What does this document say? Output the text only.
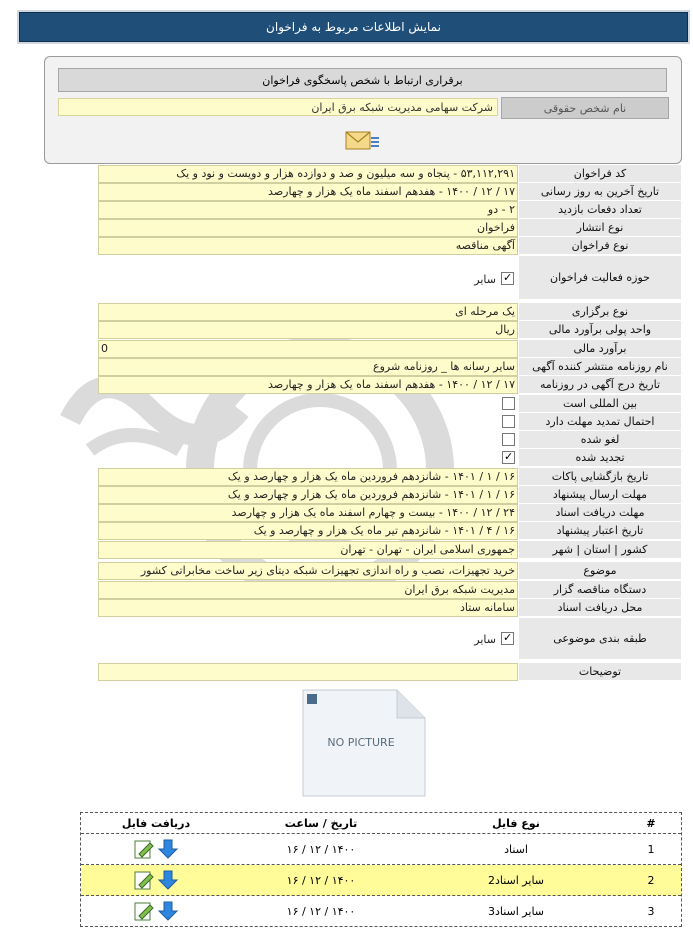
نمایش اطلاعات مربوط به فراخوان
برقراری ارتباط با شخص پاسخگوی فراخوان
نام شخص حقوقی
شرکت سهامی مدیریت شبکه برق ایران
کد فراخوان
۵۳,۱۱۲,۲۹۱ - پنجاه و سه میلیون و صد و دوازده هزار و دویست و نود و یک
تاریخ آخرین به روز رسانی
۱۷ / ۱۲ / ۱۴۰۰ - هفدهم اسفند ماه یک هزار و چهارصد
تعداد دفعات بازدید
۲ - دو
نوع انتشار
فراخوان
نوع فراخوان
آگهی مناقصه
حوزه فعالیت فراخوان
✓
سایر
نوع برگزاری
یک مرحله ای
واحد پولی برآورد مالی
ریال
برآورد مالی
0
نام روزنامه منتشر کننده آگهی
سایر رسانه ها _ روزنامه شروع
تاریخ درج آگهی در روزنامه
۱۷ / ۱۲ / ۱۴۰۰ - هفدهم اسفند ماه یک هزار و چهارصد
بین المللی است
احتمال تمدید مهلت دارد
لغو شده
تجدید شده
✓
تاریخ بازگشایی پاکات
۱۶ / ۱ / ۱۴۰۱ - شانزدهم فروردین ماه یک هزار و چهارصد و یک
مهلت ارسال پیشنهاد
۱۶ / ۱ / ۱۴۰۱ - شانزدهم فروردین ماه یک هزار و چهارصد و یک
مهلت دریافت اسناد
۲۴ / ۱۲ / ۱۴۰۰ - بیست و چهارم اسفند ماه یک هزار و چهارصد
تاریخ اعتبار پیشنهاد
۱۶ / ۴ / ۱۴۰۱ - شانزدهم تیر ماه یک هزار و چهارصد و یک
کشور | استان | شهر
جمهوری اسلامی ایران - تهران - تهران
موضوع
خرید تجهیزات، نصب و راه اندازی تجهیزات شبکه دیتای زیر ساخت مخابراتی کشور
دستگاه مناقصه گزار
مدیریت شبکه برق ایران
محل دریافت اسناد
سامانه ستاد
طبقه بندی موضوعی
✓
سایر
توضیحات
NO PICTURE
#
نوع فایل
تاریخ / ساعت
دریافت فایل
1
اسناد
۱۶ / ۱۲ / ۱۴۰۰
2
سایر اسناد2
۱۶ / ۱۲ / ۱۴۰۰
3
سایر اسناد3
۱۶ / ۱۲ / ۱۴۰۰
